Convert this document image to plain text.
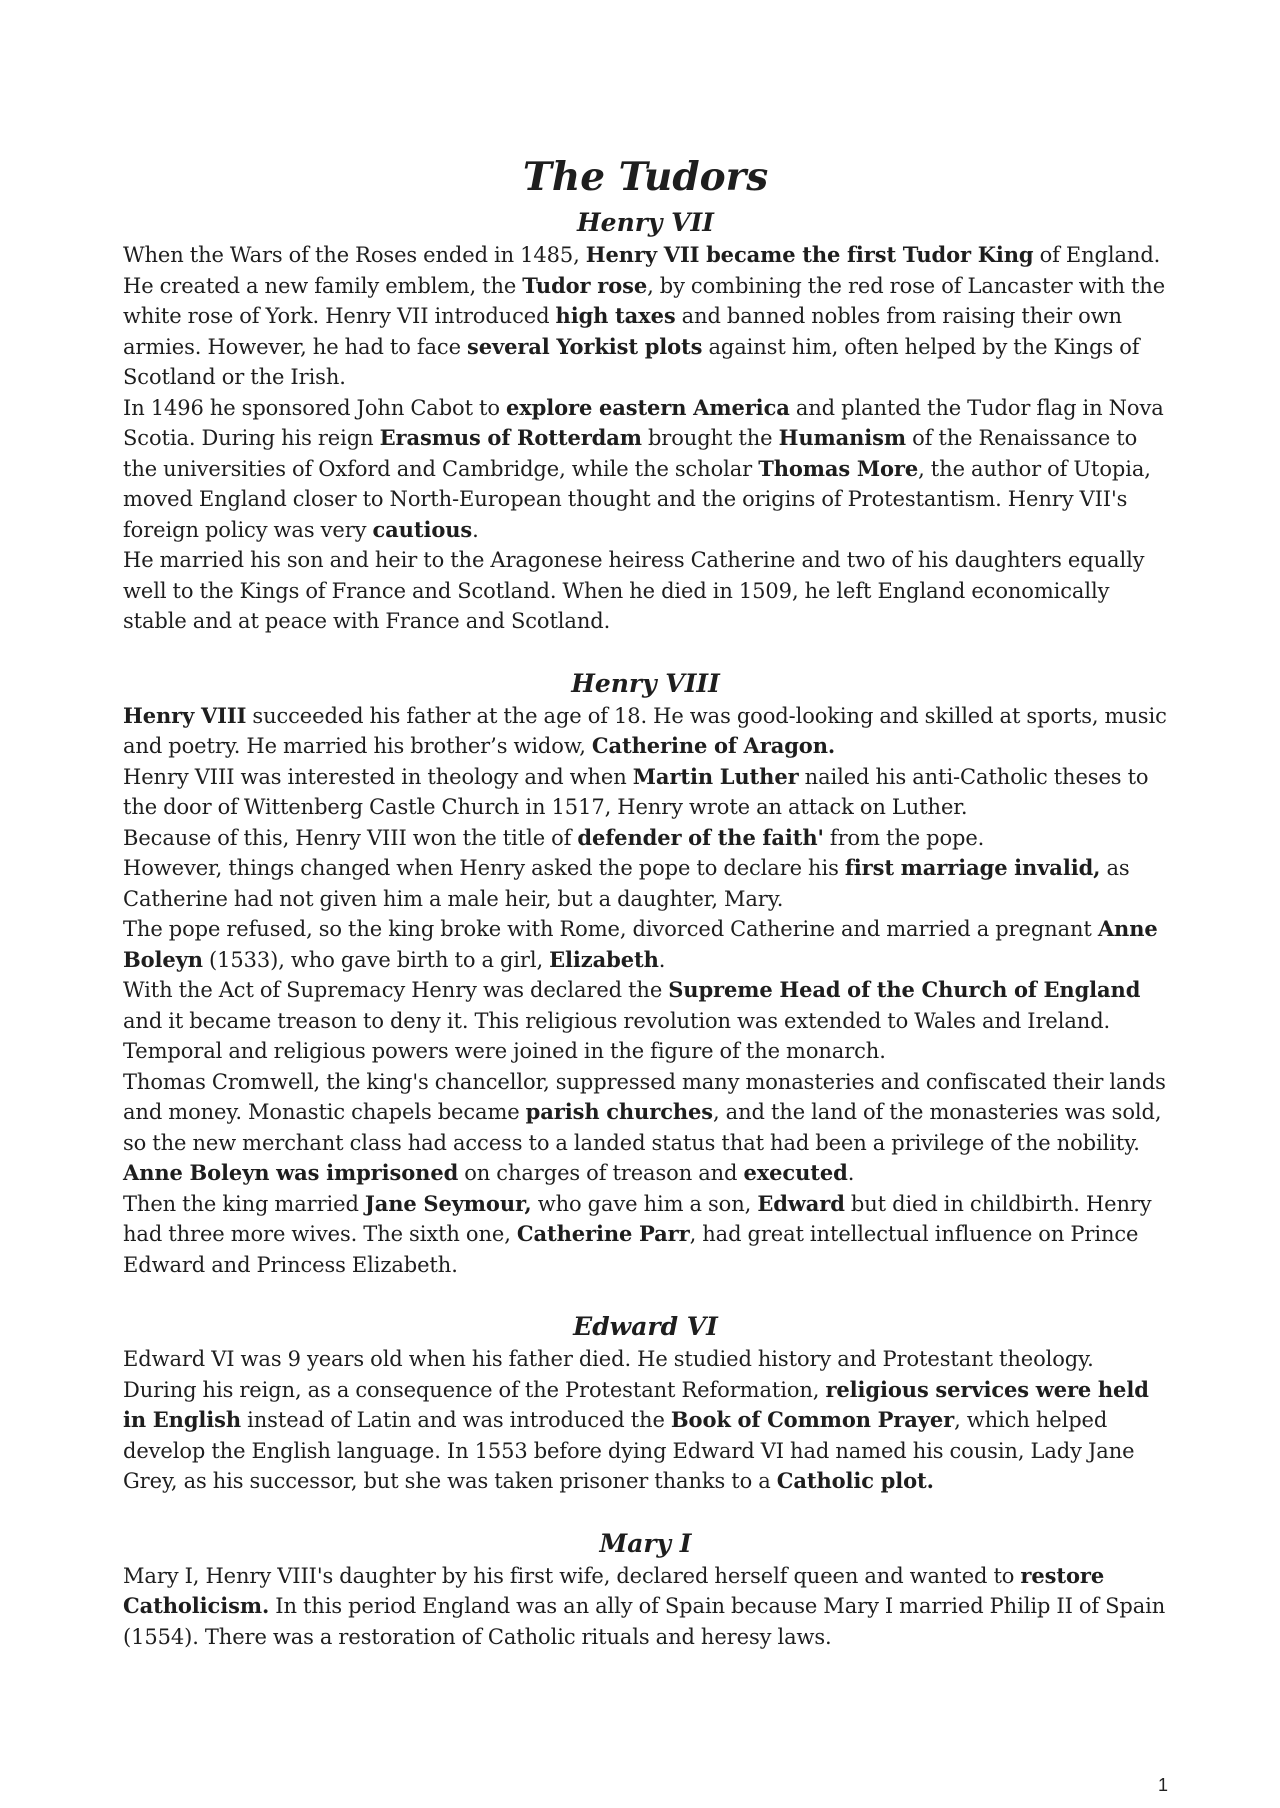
The Tudors
Henry VII

When the Wars of the Roses ended in 1485, Henry VII became the first Tudor King of England. He created a new family emblem, the Tudor rose, by combining the red rose of Lancaster with the white rose of York. Henry VII introduced high taxes and banned nobles from raising their own armies. However, he had to face several Yorkist plots against him, often helped by the Kings of Scotland or the Irish.

In 1496 he sponsored John Cabot to explore eastern America and planted the Tudor flag in Nova Scotia. During his reign Erasmus of Rotterdam brought the Humanism of the Renaissance to the universities of Oxford and Cambridge, while the scholar Thomas More, the author of Utopia, moved England closer to North-European thought and the origins of Protestantism. Henry VII's foreign policy was very cautious.

He married his son and heir to the Aragonese heiress Catherine and two of his daughters equally well to the Kings of France and Scotland. When he died in 1509, he left England economically stable and at peace with France and Scotland.

Henry VIII

Henry VIII succeeded his father at the age of 18. He was good-looking and skilled at sports, music and poetry. He married his brother’s widow, Catherine of Aragon.

Henry VIII was interested in theology and when Martin Luther nailed his anti-Catholic theses to the door of Wittenberg Castle Church in 1517, Henry wrote an attack on Luther.

Because of this, Henry VIII won the title of defender of the faith' from the pope.

However, things changed when Henry asked the pope to declare his first marriage invalid, as Catherine had not given him a male heir, but a daughter, Mary.

The pope refused, so the king broke with Rome, divorced Catherine and married a pregnant Anne Boleyn (1533), who gave birth to a girl, Elizabeth.

With the Act of Supremacy Henry was declared the Supreme Head of the Church of England and it became treason to deny it. This religious revolution was extended to Wales and Ireland. Temporal and religious powers were joined in the figure of the monarch.

Thomas Cromwell, the king's chancellor, suppressed many monasteries and confiscated their lands and money. Monastic chapels became parish churches, and the land of the monasteries was sold, so the new merchant class had access to a landed status that had been a privilege of the nobility. Anne Boleyn was imprisoned on charges of treason and executed.

Then the king married Jane Seymour, who gave him a son, Edward but died in childbirth. Henry had three more wives. The sixth one, Catherine Parr, had great intellectual influence on Prince Edward and Princess Elizabeth.

Edward VI

Edward VI was 9 years old when his father died. He studied history and Protestant theology. During his reign, as a consequence of the Protestant Reformation, religious services were held in English instead of Latin and was introduced the Book of Common Prayer, which helped develop the English language. In 1553 before dying Edward VI had named his cousin, Lady Jane Grey, as his successor, but she was taken prisoner thanks to a Catholic plot.

Mary I

Mary I, Henry VIII's daughter by his first wife, declared herself queen and wanted to restore Catholicism. In this period England was an ally of Spain because Mary I married Philip II of Spain (1554). There was a restoration of Catholic rituals and heresy laws.

1
